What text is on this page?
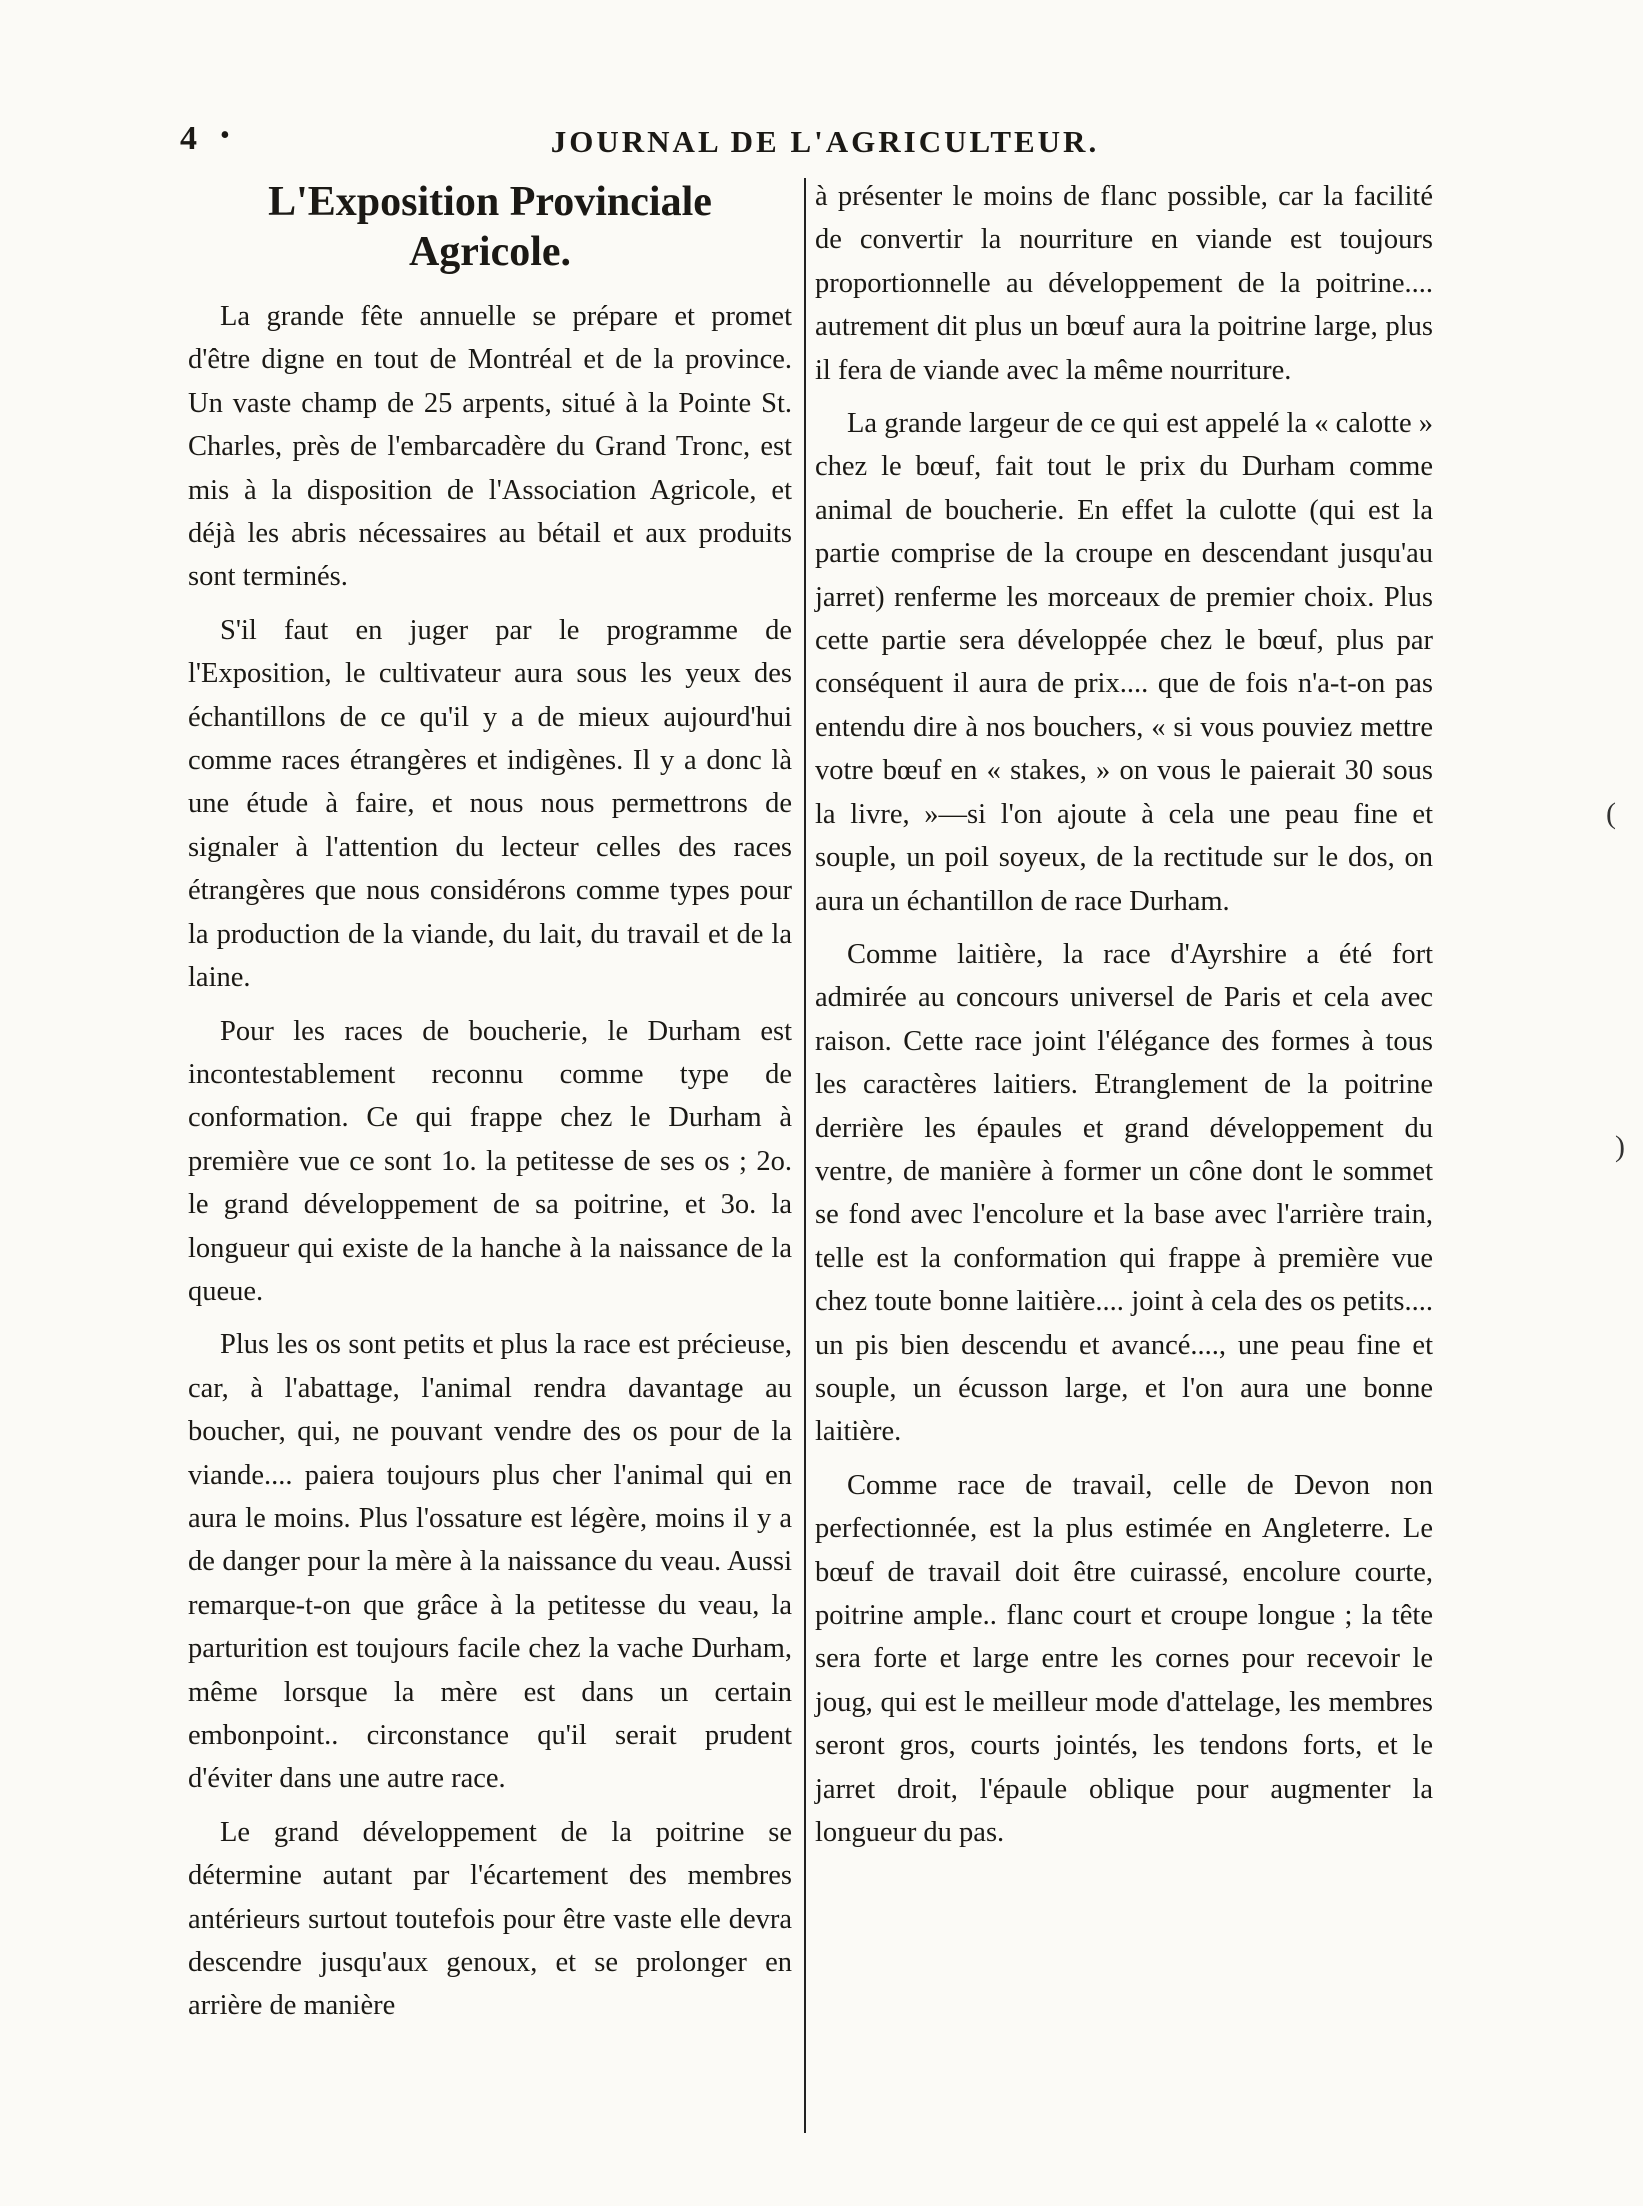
4 •	JOURNAL DE L'AGRICULTEUR.
L'Exposition Provinciale Agricole.

La grande fête annuelle se prépare et promet d'être digne en tout de Montréal et de la province. Un vaste champ de 25 arpents, situé à la Pointe St. Charles, près de l'embarcadère du Grand Tronc, est mis à la disposition de l'Association Agricole, et déjà les abris nécessaires au bétail et aux produits sont terminés.

S'il faut en juger par le programme de l'Exposition, le cultivateur aura sous les yeux des échantillons de ce qu'il y a de mieux aujourd'hui comme races étrangères et indigènes. Il y a donc là une étude à faire, et nous nous permettrons de signaler à l'attention du lecteur celles des races étrangères que nous considérons comme types pour la production de la viande, du lait, du travail et de la laine.

Pour les races de boucherie, le Durham est incontestablement reconnu comme type de conformation. Ce qui frappe chez le Durham à première vue ce sont 1o. la petitesse de ses os ; 2o. le grand développement de sa poitrine, et 3o. la longueur qui existe de la hanche à la naissance de la queue.

Plus les os sont petits et plus la race est précieuse, car, à l'abattage, l'animal rendra davantage au boucher, qui, ne pouvant vendre des os pour de la viande.... paiera toujours plus cher l'animal qui en aura le moins. Plus l'ossature est légère, moins il y a de danger pour la mère à la naissance du veau. Aussi remarque-t-on que grâce à la petitesse du veau, la parturition est toujours facile chez la vache Durham, même lorsque la mère est dans un certain embonpoint.. circonstance qu'il serait prudent d'éviter dans une autre race.

Le grand développement de la poitrine se détermine autant par l'écartement des membres antérieurs surtout toutefois pour être vaste elle devra descendre jusqu'aux genoux, et se prolonger en arrière de manière

à présenter le moins de flanc possible, car la facilité de convertir la nourriture en viande est toujours proportionnelle au développement de la poitrine.... autrement dit plus un bœuf aura la poitrine large, plus il fera de viande avec la même nourriture.

La grande largeur de ce qui est appelé la « calotte » chez le bœuf, fait tout le prix du Durham comme animal de boucherie. En effet la culotte (qui est la partie comprise de la croupe en descendant jusqu'au jarret) renferme les morceaux de premier choix. Plus cette partie sera développée chez le bœuf, plus par conséquent il aura de prix.... que de fois n'a-t-on pas entendu dire à nos bouchers, « si vous pouviez mettre votre bœuf en « stakes, » on vous le paierait 30 sous la livre, »—si l'on ajoute à cela une peau fine et souple, un poil soyeux, de la rectitude sur le dos, on aura un échantillon de race Durham.

Comme laitière, la race d'Ayrshire a été fort admirée au concours universel de Paris et cela avec raison. Cette race joint l'élégance des formes à tous les caractères laitiers. Etranglement de la poitrine derrière les épaules et grand développement du ventre, de manière à former un cône dont le sommet se fond avec l'encolure et la base avec l'arrière train, telle est la conformation qui frappe à première vue chez toute bonne laitière.... joint à cela des os petits.... un pis bien descendu et avancé...., une peau fine et souple, un écusson large, et l'on aura une bonne laitière.

Comme race de travail, celle de Devon non perfectionnée, est la plus estimée en Angleterre. Le bœuf de travail doit être cuirassé, encolure courte, poitrine ample.. flanc court et croupe longue ; la tête sera forte et large entre les cornes pour recevoir le joug, qui est le meilleur mode d'attelage, les membres seront gros, courts jointés, les tendons forts, et le jarret droit, l'épaule oblique pour augmenter la longueur du pas.

(
)
